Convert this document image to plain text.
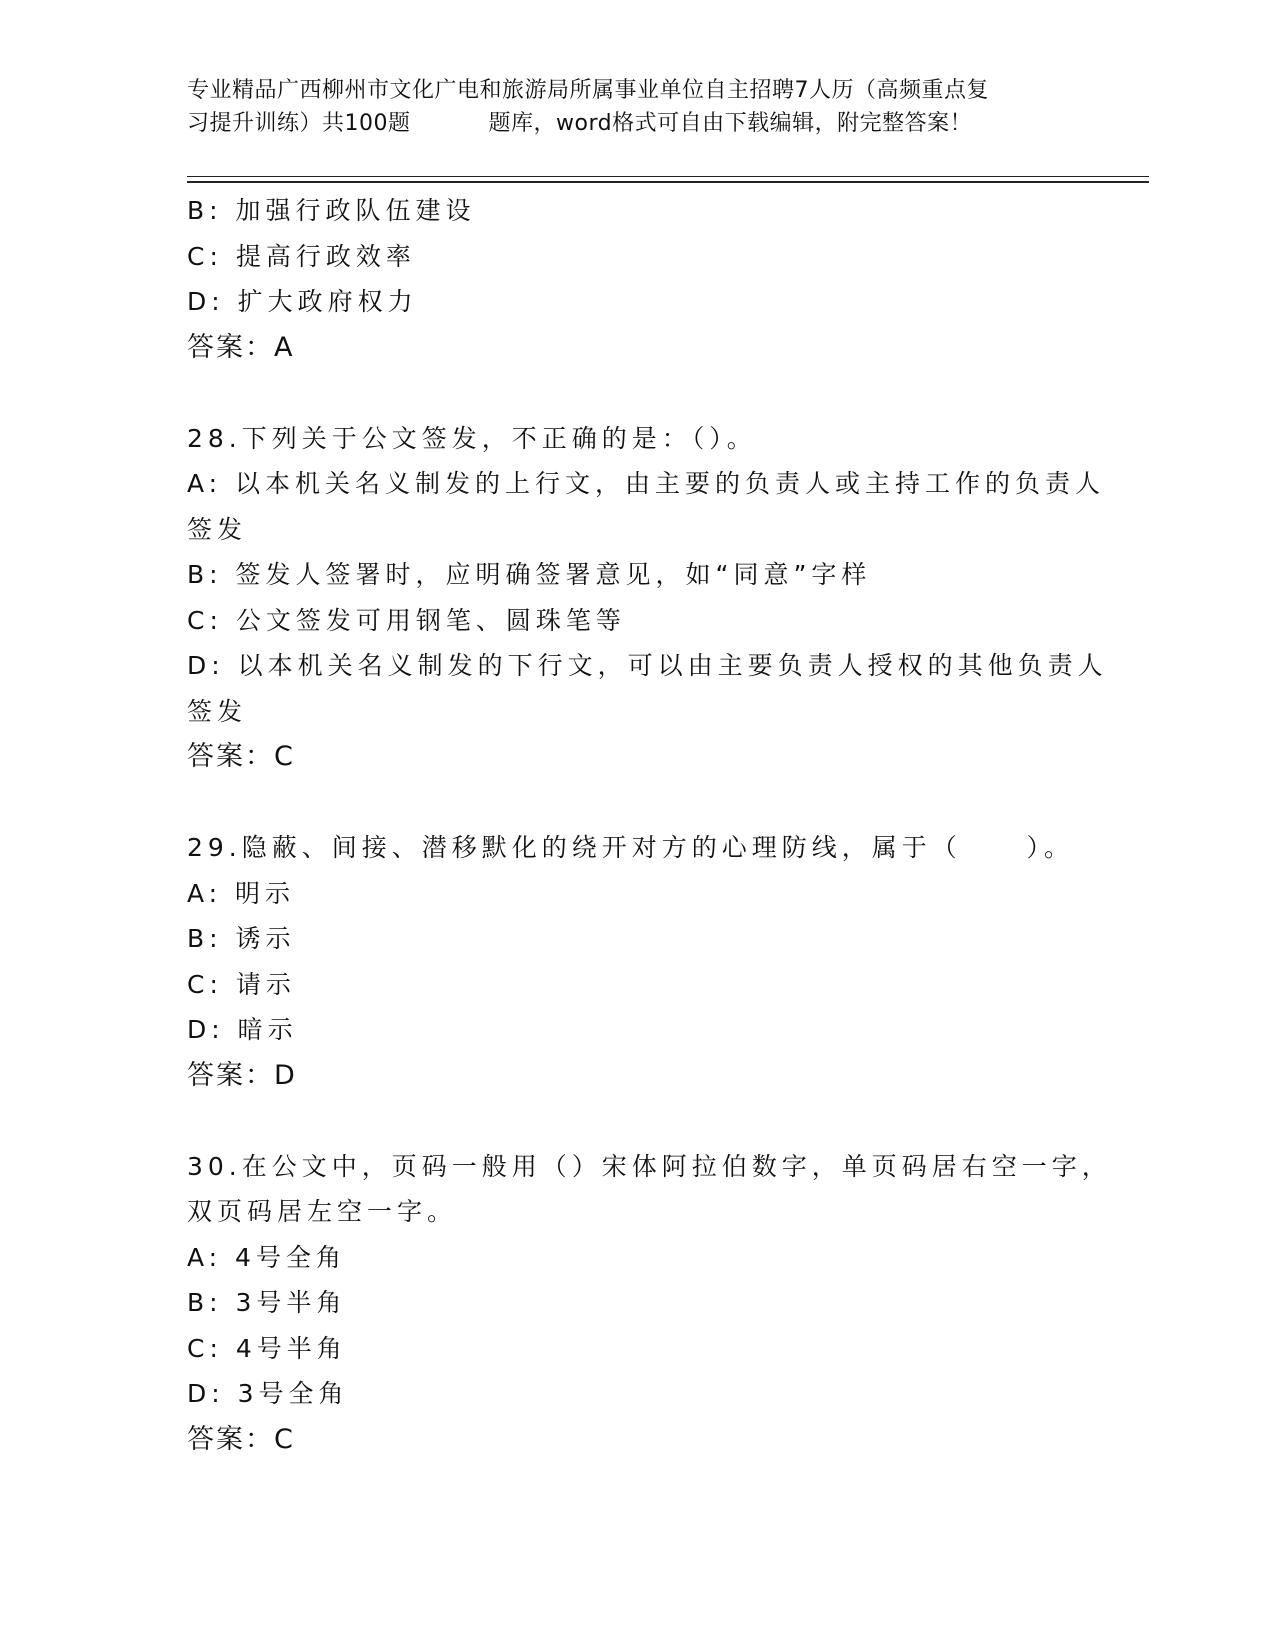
专业精品广西柳州市文化广电和旅游局所属事业单位自主招聘7人历（高频重点复
习提升训练）共100题	题库，word格式可自由下载编辑，附完整答案！
B: 加强行政队伍建设
C: 提高行政效率
D: 扩大政府权力
答案：A
28.下列关于公文签发，不正确的是：（）。
A: 以本机关名义制发的上行文，由主要的负责人或主持工作的负责人
签发
B: 签发人签署时，应明确签署意见，如“同意”字样
C: 公文签发可用钢笔、圆珠笔等
D: 以本机关名义制发的下行文，可以由主要负责人授权的其他负责人
签发
答案：C
29.隐蔽、间接、潜移默化的绕开对方的心理防线，属于（     ）。
A: 明示
B: 诱示
C: 请示
D: 暗示
答案：D
30.在公文中，页码一般用（）宋体阿拉伯数字，单页码居右空一字，
双页码居左空一字。
A: 4号全角
B: 3号半角
C: 4号半角
D: 3号全角
答案：C
